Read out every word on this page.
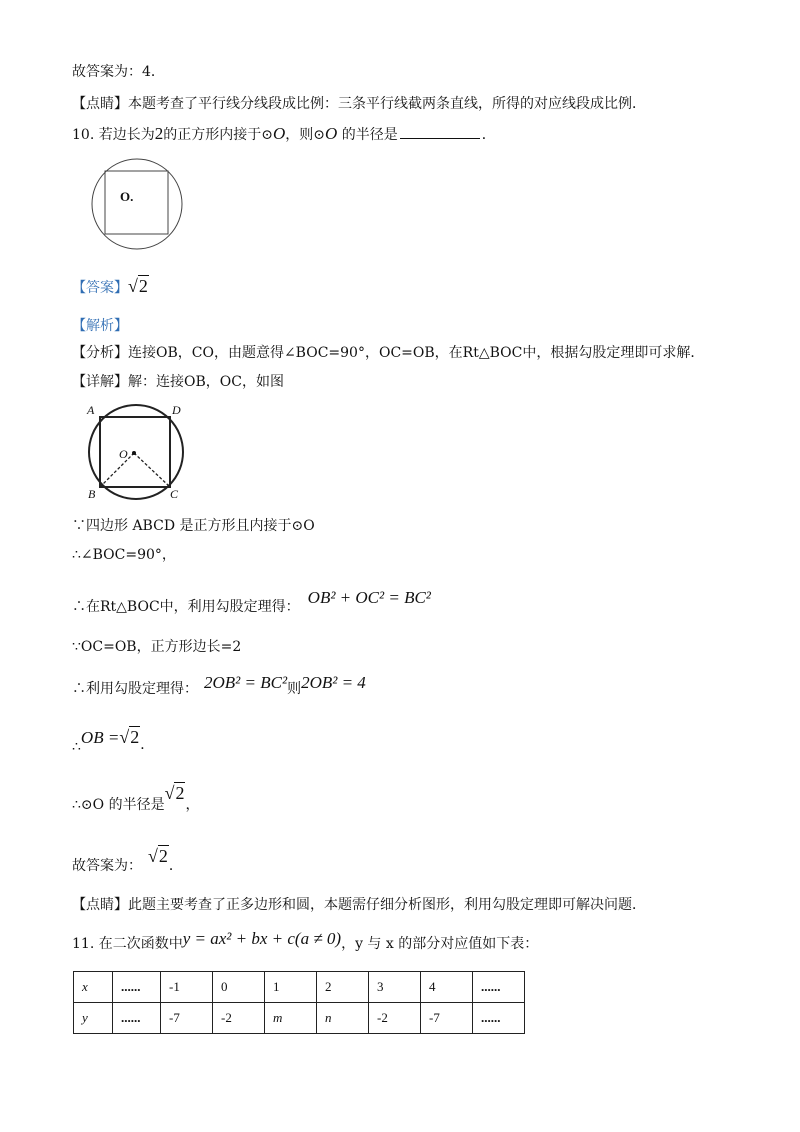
故答案为：4．
【点睛】本题考查了平行线分线段成比例：三条平行线截两条直线，所得的对应线段成比例．
10. 若边长为2的正方形内接于⊙O，则⊙O 的半径是	．
O.
【答案】√2
【解析】
【分析】连接OB，CO，由题意得∠BOC=90°，OC=OB，在Rt△BOC中，根据勾股定理即可求解．
【详解】解：连接OB，OC，如图
A	D
O
B	C
∵四边形 ABCD 是正方形且内接于⊙O
∴∠BOC=90°，
∴在Rt△BOC中，利用勾股定理得： OB² + OC² = BC²
∵OC=OB，正方形边长=2
∴利用勾股定理得： 2OB² = BC²则2OB² = 4
∴OB =√2．
∴⊙O 的半径是√2，
故答案为： √2．
【点睛】此题主要考查了正多边形和圆，本题需仔细分析图形，利用勾股定理即可解决问题．
11. 在二次函数中y = ax² + bx + c(a ≠ 0)，y 与 x 的部分对应值如下表：
x	......	-1	0	1	2	3	4	......
y	......	-7	-2	m	n	-2	-7	......
